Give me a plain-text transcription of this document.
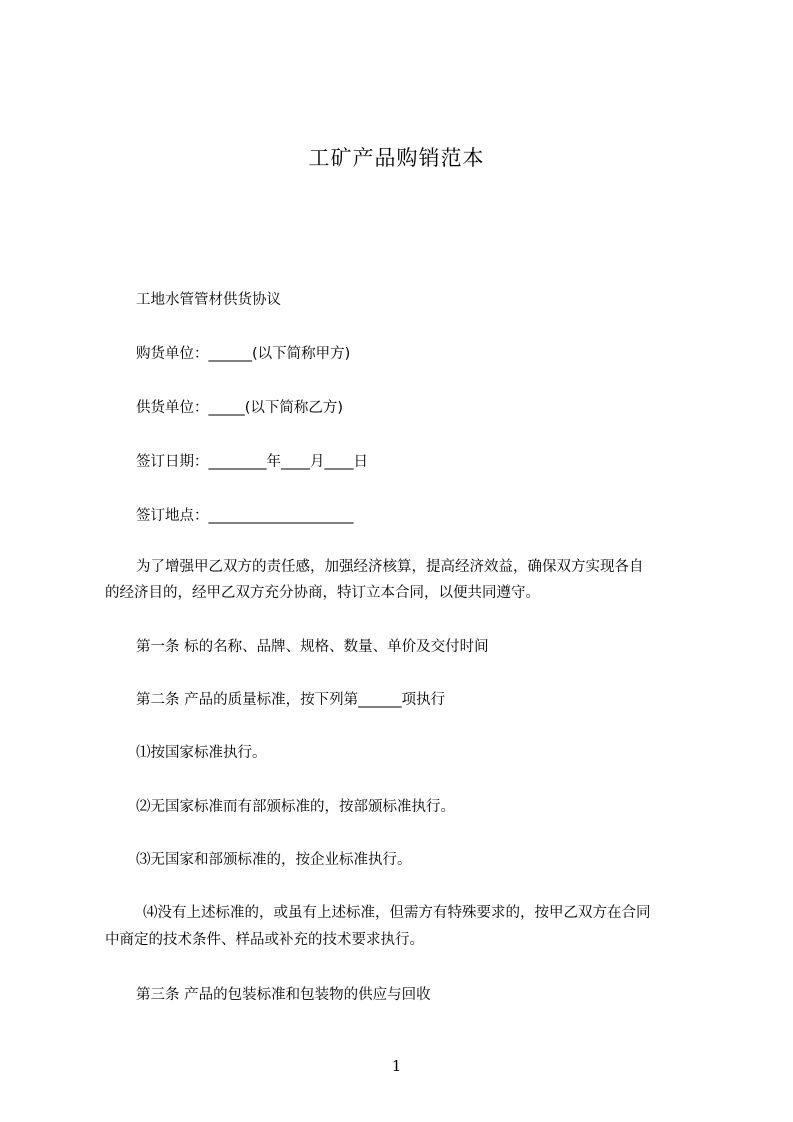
工矿产品购销范本
工地水管管材供货协议
购货单位：______(以下简称甲方)
供货单位：_____(以下简称乙方)
签订日期：________年____月____日
签订地点：____________________
为了增强甲乙双方的责任感，加强经济核算，提高经济效益，确保双方实现各自
的经济目的，经甲乙双方充分协商，特订立本合同，以便共同遵守。
第一条 标的名称、品牌、规格、数量、单价及交付时间
第二条 产品的质量标准，按下列第______项执行
⑴按国家标准执行。
⑵无国家标准而有部颁标准的，按部颁标准执行。
⑶无国家和部颁标准的，按企业标准执行。
⑷没有上述标准的，或虽有上述标准，但需方有特殊要求的，按甲乙双方在合同
中商定的技术条件、样品或补充的技术要求执行。
第三条 产品的包装标准和包装物的供应与回收
1
